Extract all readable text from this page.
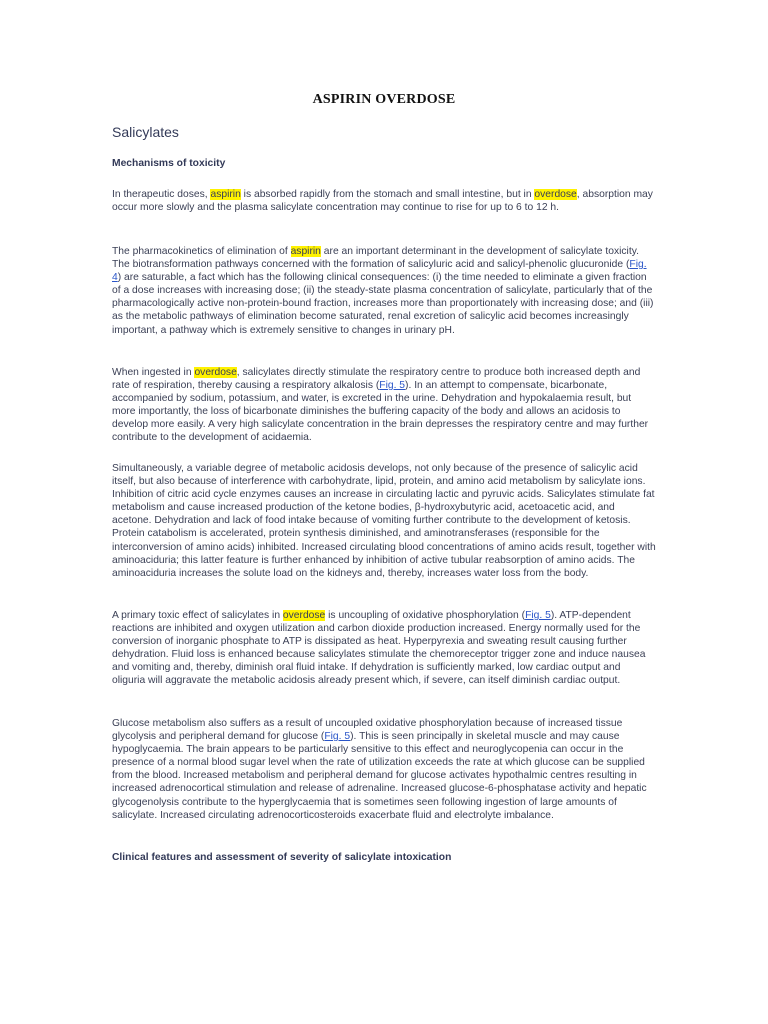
ASPIRIN OVERDOSE
Salicylates
Mechanisms of toxicity

In therapeutic doses, aspirin is absorbed rapidly from the stomach and small intestine, but in overdose, absorption may occur more slowly and the plasma salicylate concentration may continue to rise for up to 6 to 12 h.

The pharmacokinetics of elimination of aspirin are an important determinant in the development of salicylate toxicity. The biotransformation pathways concerned with the formation of salicyluric acid and salicyl-phenolic glucuronide (Fig. 4) are saturable, a fact which has the following clinical consequences: (i) the time needed to eliminate a given fraction of a dose increases with increasing dose; (ii) the steady-state plasma concentration of salicylate, particularly that of the pharmacologically active non-protein-bound fraction, increases more than proportionately with increasing dose; and (iii) as the metabolic pathways of elimination become saturated, renal excretion of salicylic acid becomes increasingly important, a pathway which is extremely sensitive to changes in urinary pH.

When ingested in overdose, salicylates directly stimulate the respiratory centre to produce both increased depth and rate of respiration, thereby causing a respiratory alkalosis (Fig. 5). In an attempt to compensate, bicarbonate, accompanied by sodium, potassium, and water, is excreted in the urine. Dehydration and hypokalaemia result, but more importantly, the loss of bicarbonate diminishes the buffering capacity of the body and allows an acidosis to develop more easily. A very high salicylate concentration in the brain depresses the respiratory centre and may further contribute to the development of acidaemia.

Simultaneously, a variable degree of metabolic acidosis develops, not only because of the presence of salicylic acid itself, but also because of interference with carbohydrate, lipid, protein, and amino acid metabolism by salicylate ions. Inhibition of citric acid cycle enzymes causes an increase in circulating lactic and pyruvic acids. Salicylates stimulate fat metabolism and cause increased production of the ketone bodies, β-hydroxybutyric acid, acetoacetic acid, and acetone. Dehydration and lack of food intake because of vomiting further contribute to the development of ketosis. Protein catabolism is accelerated, protein synthesis diminished, and aminotransferases (responsible for the interconversion of amino acids) inhibited. Increased circulating blood concentrations of amino acids result, together with aminoaciduria; this latter feature is further enhanced by inhibition of active tubular reabsorption of amino acids. The aminoaciduria increases the solute load on the kidneys and, thereby, increases water loss from the body.

A primary toxic effect of salicylates in overdose is uncoupling of oxidative phosphorylation (Fig. 5). ATP-dependent reactions are inhibited and oxygen utilization and carbon dioxide production increased. Energy normally used for the conversion of inorganic phosphate to ATP is dissipated as heat. Hyperpyrexia and sweating result causing further dehydration. Fluid loss is enhanced because salicylates stimulate the chemoreceptor trigger zone and induce nausea and vomiting and, thereby, diminish oral fluid intake. If dehydration is sufficiently marked, low cardiac output and oliguria will aggravate the metabolic acidosis already present which, if severe, can itself diminish cardiac output.

Glucose metabolism also suffers as a result of uncoupled oxidative phosphorylation because of increased tissue glycolysis and peripheral demand for glucose (Fig. 5). This is seen principally in skeletal muscle and may cause hypoglycaemia. The brain appears to be particularly sensitive to this effect and neuroglycopenia can occur in the presence of a normal blood sugar level when the rate of utilization exceeds the rate at which glucose can be supplied from the blood. Increased metabolism and peripheral demand for glucose activates hypothalmic centres resulting in increased adrenocortical stimulation and release of adrenaline. Increased glucose-6-phosphatase activity and hepatic glycogenolysis contribute to the hyperglycaemia that is sometimes seen following ingestion of large amounts of salicylate. Increased circulating adrenocorticosteroids exacerbate fluid and electrolyte imbalance.

Clinical features and assessment of severity of salicylate intoxication
